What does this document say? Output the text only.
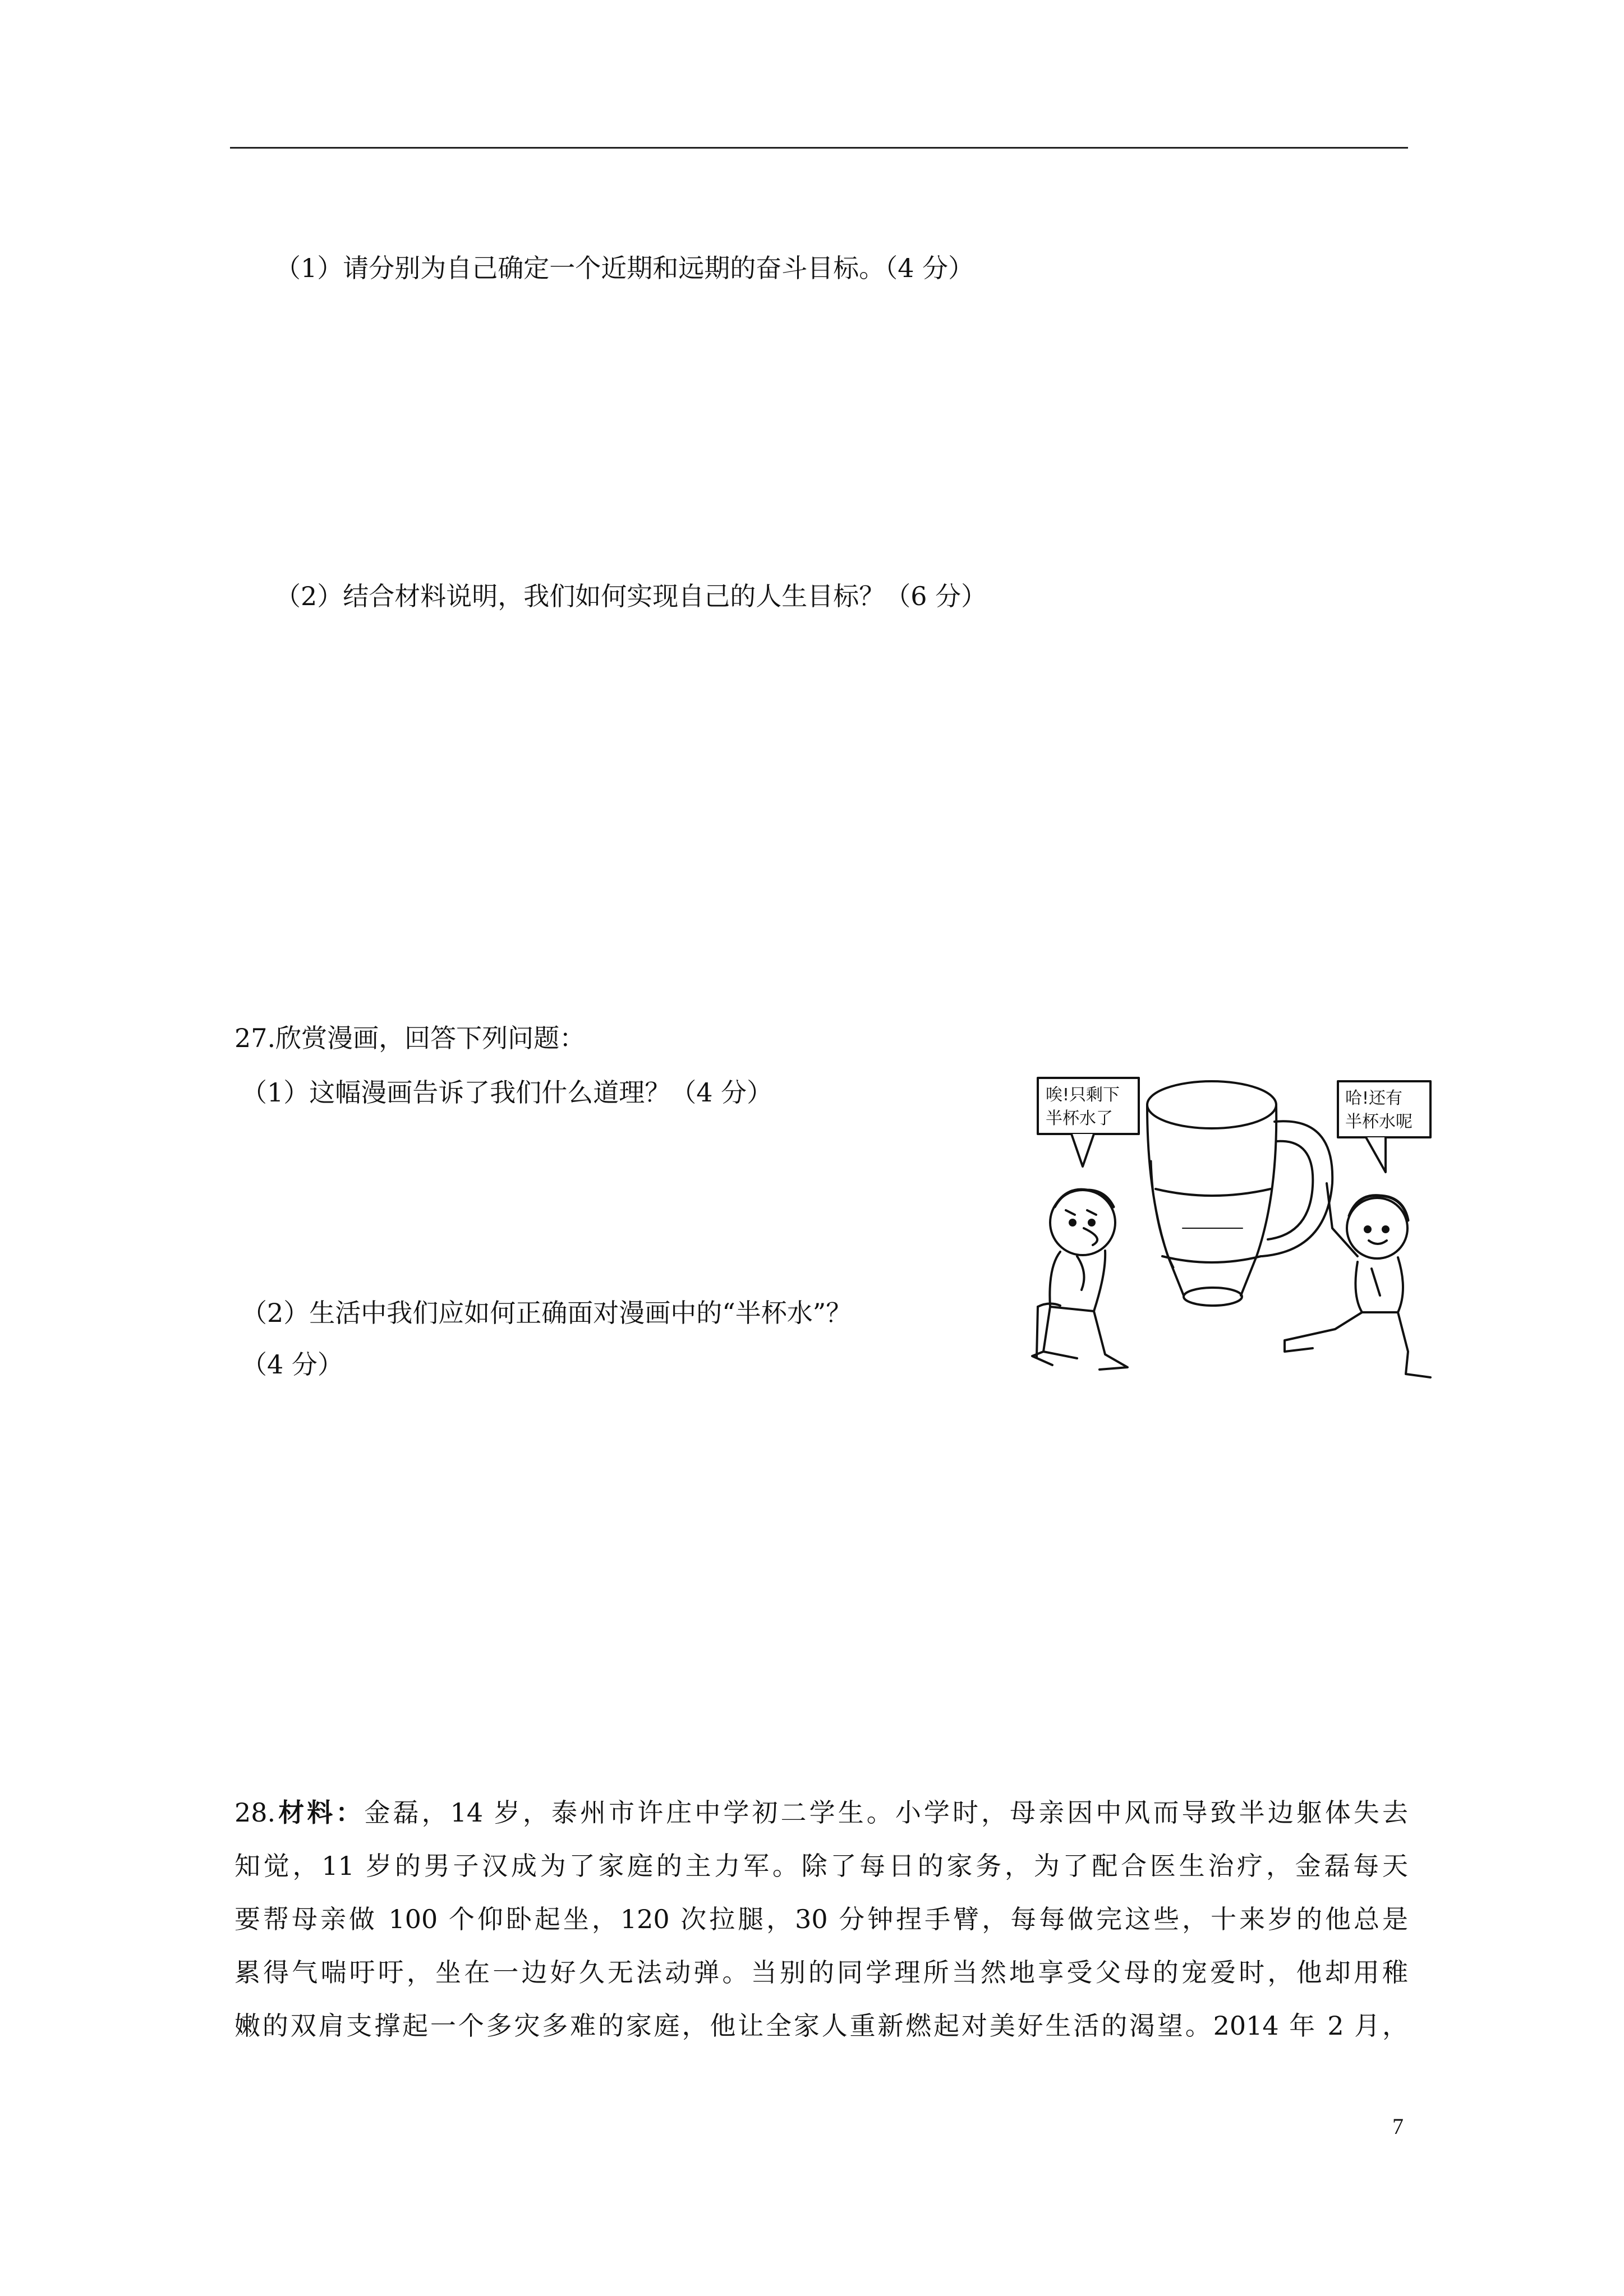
（1）请分别为自己确定一个近期和远期的奋斗目标。（4 分）
（2）结合材料说明，我们如何实现自己的人生目标？（6 分）
27.欣赏漫画，回答下列问题：
（1）这幅漫画告诉了我们什么道理？（4 分）
（2）生活中我们应如何正确面对漫画中的“半杯水”？
（4 分）
唉!只剩下
半杯水了
哈!还有
半杯水呢
28.材料：金磊，14 岁，泰州市许庄中学初二学生。小学时，母亲因中风而导致半边躯体失去
知觉，11 岁的男子汉成为了家庭的主力军。除了每日的家务，为了配合医生治疗，金磊每天
要帮母亲做 100 个仰卧起坐，120 次拉腿，30 分钟捏手臂，每每做完这些，十来岁的他总是
累得气喘吁吁，坐在一边好久无法动弹。当别的同学理所当然地享受父母的宠爱时，他却用稚
嫩的双肩支撑起一个多灾多难的家庭，他让全家人重新燃起对美好生活的渴望。2014 年 2 月，
7
